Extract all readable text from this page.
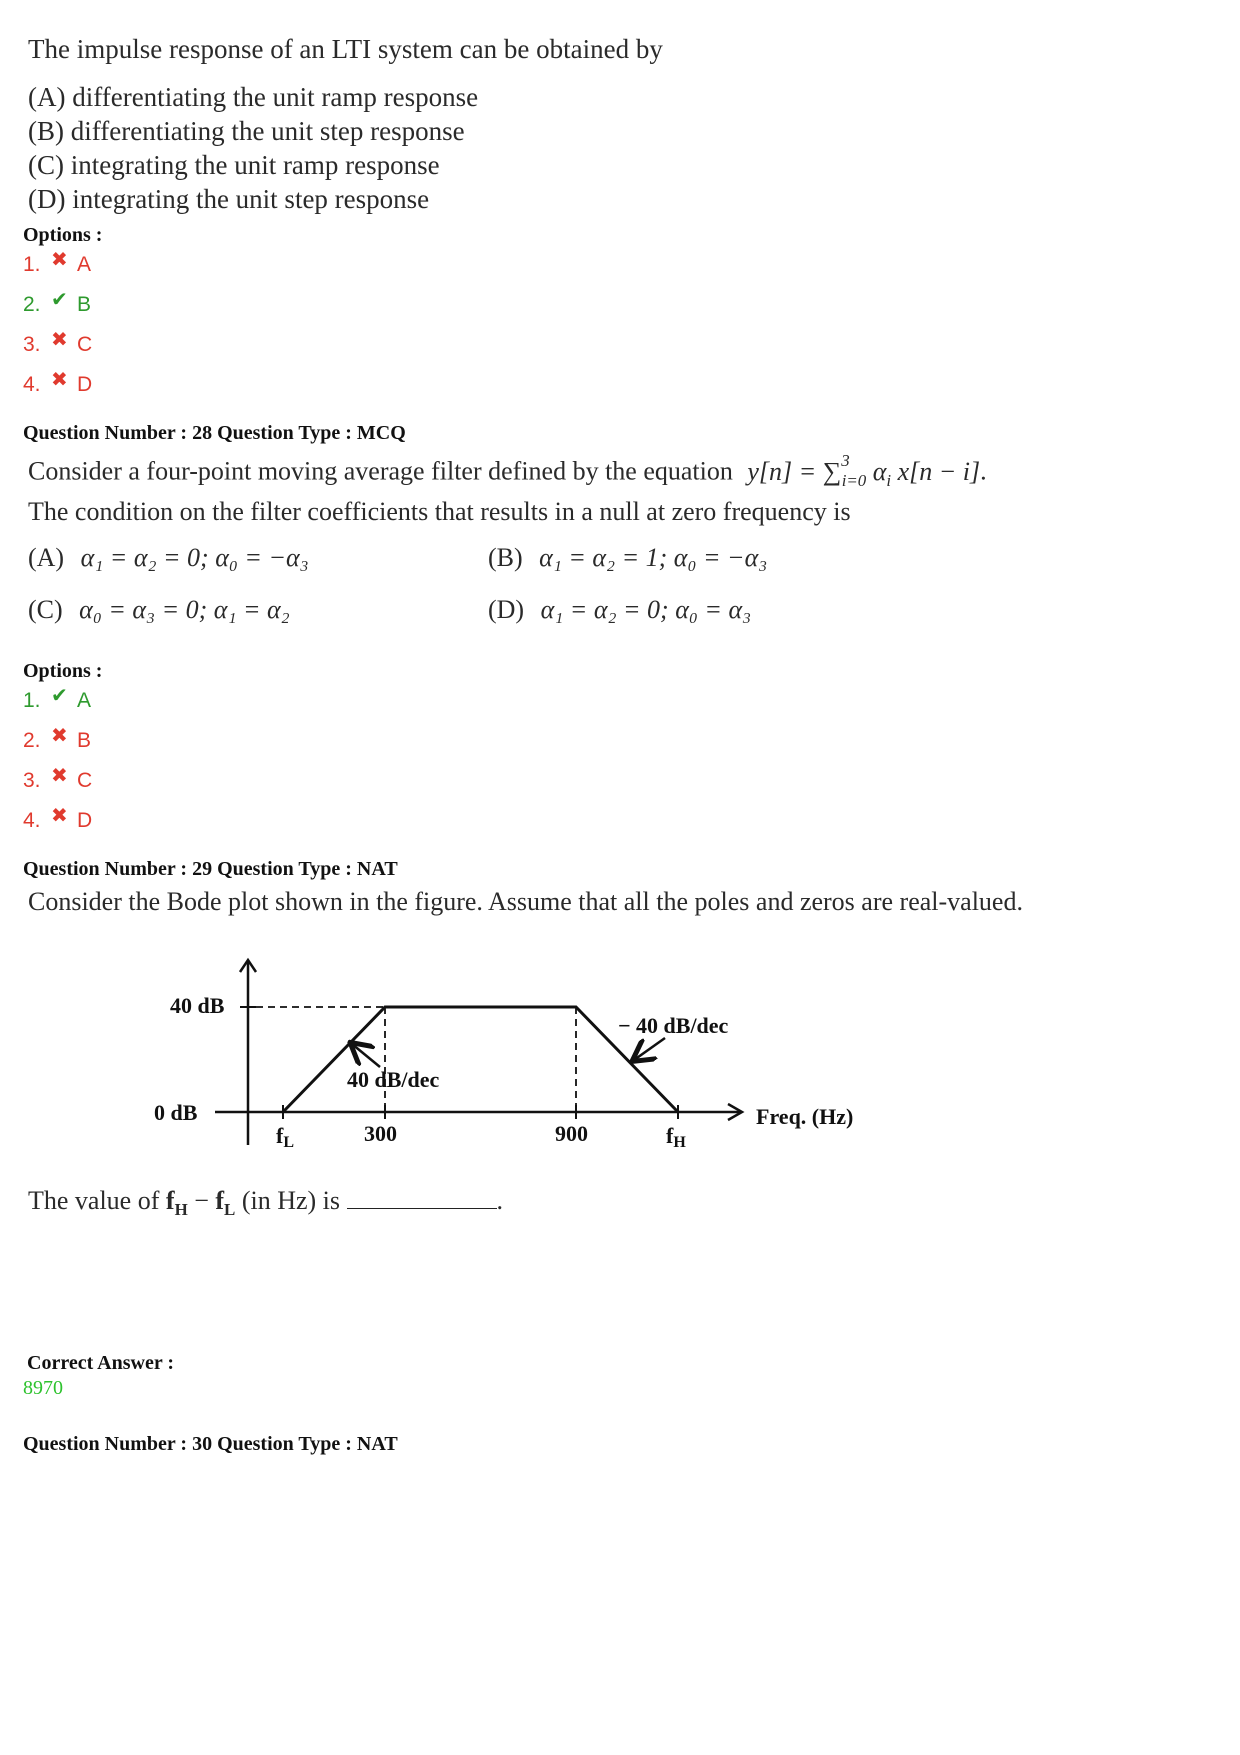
The impulse response of an LTI system can be obtained by
(A) differentiating the unit ramp response
(B) differentiating the unit step response
(C) integrating the unit ramp response
(D) integrating the unit step response
Options :
1. ✖ A
2. ✔ B
3. ✖ C
4. ✖ D
Question Number : 28 Question Type : MCQ
Consider a four-point moving average filter defined by the equation y[n] = ∑$^3_{i=0}$ $\alpha_i$ x[n − i].
The condition on the filter coefficients that results in a null at zero frequency is
(A) α₁ = α₂ = 0; α₀ = −α₃	(B) α₁ = α₂ = 1; α₀ = −α₃
(C) α₀ = α₃ = 0; α₁ = α₂	(D) α₁ = α₂ = 0; α₀ = α₃
Options :
1. ✔ A
2. ✖ B
3. ✖ C
4. ✖ D
Question Number : 29 Question Type : NAT
Consider the Bode plot shown in the figure. Assume that all the poles and zeros are real-valued.
40 dB
0 dB
fL	300	900	fH
Freq. (Hz)
40 dB/dec
− 40 dB/dec
The value of $f_H - f_L$ (in Hz) is	.
Correct Answer :
8970
Question Number : 30 Question Type : NAT
